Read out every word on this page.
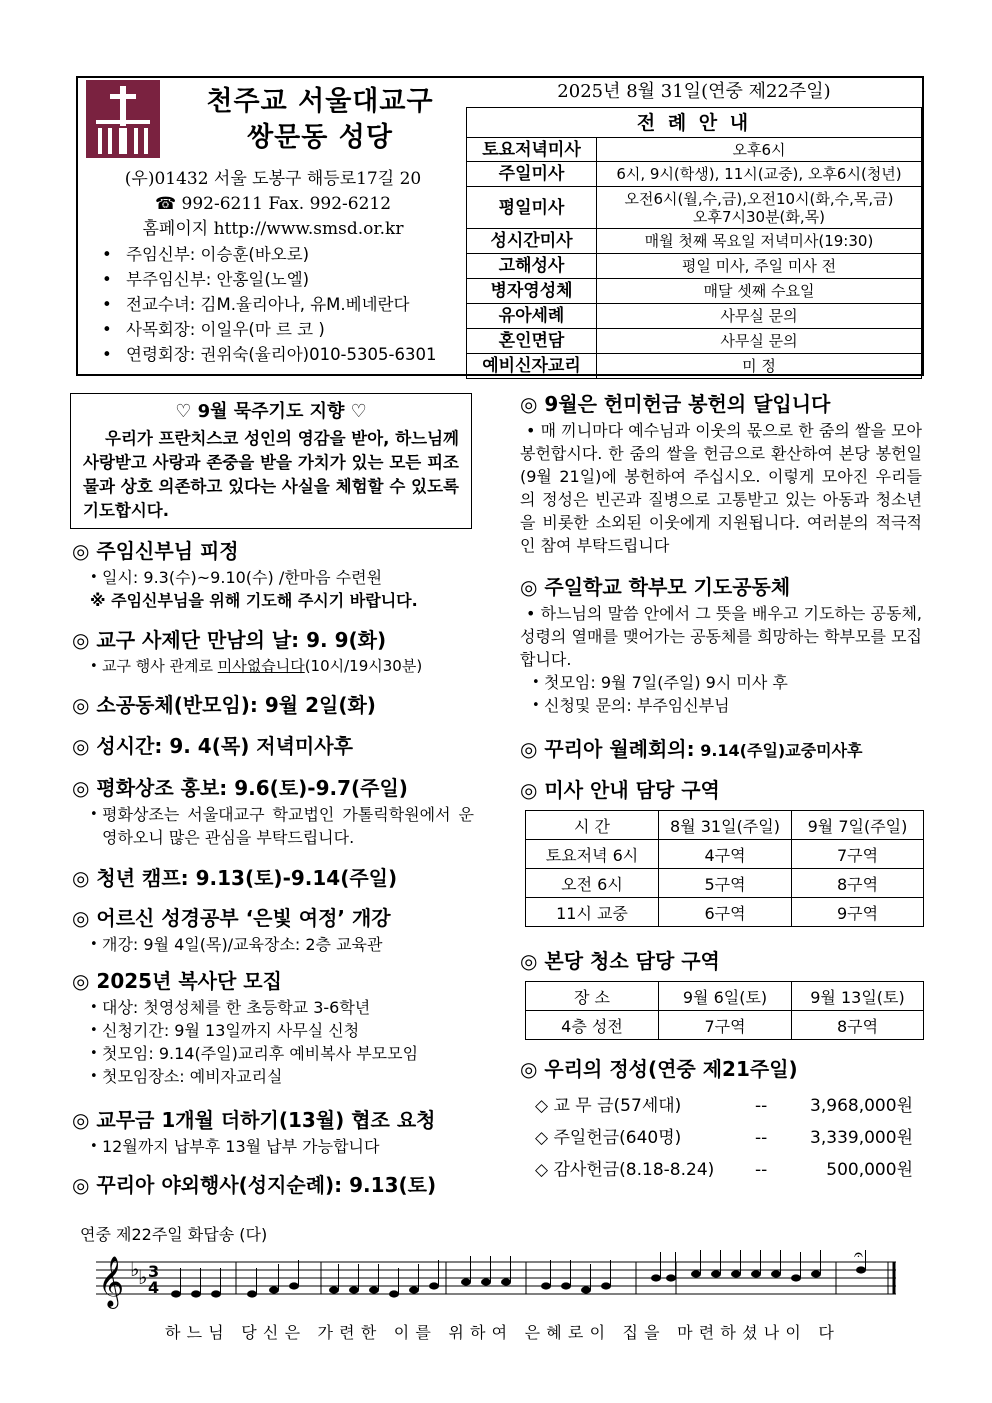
천주교 서울대교구
쌍문동 성당
(우)01432 서울 도봉구 해등로17길 20
☎ 992-6211 Fax. 992-6212
홈페이지 http://www.smsd.or.kr
• 주임신부: 이승훈(바오로)
• 부주임신부: 안홍일(노엘)
• 전교수녀: 김M.율리아나, 유M.베네란다
• 사목회장: 이일우(마 르 코 )
• 연령회장: 권위숙(율리아)010-5305-6301
2025년 8월 31일(연중 제22주일)
전 례 안 내	
토요저녁미사	오후6시
주일미사	6시, 9시(학생), 11시(교중), 오후6시(청년)
평일미사	오전6시(월,수,금),오전10시(화,수,목,금)
오후7시30분(화,목)

성시간미사	매월 첫째 목요일 저녁미사(19:30)
고해성사	평일 미사, 주일 미사 전
병자영성체	매달 셋째 수요일
유아세례	사무실 문의
혼인면담	사무실 문의
예비신자교리	미 정
♡ 9월 묵주기도 지향 ♡
우리가 프란치스코 성인의 영감을 받아, 하느님께 사랑받고 사랑과 존중을 받을 가치가 있는 모든 피조물과 상호 의존하고 있다는 사실을 체험할 수 있도록 기도합시다.
◎ 주임신부님 피정
• 일시: 9.3(수)~9.10(수) /한마음 수련원
※ 주임신부님을 위해 기도해 주시기 바랍니다.
◎ 교구 사제단 만남의 날: 9. 9(화)
• 교구 행사 관계로 미사없습니다(10시/19시30분)
◎ 소공동체(반모임): 9월 2일(화)
◎ 성시간: 9. 4(목) 저녁미사후
◎ 평화상조 홍보: 9.6(토)-9.7(주일)
• 평화상조는 서울대교구 학교법인 가톨릭학원에서 운영하오니 많은 관심을 부탁드립니다.
◎ 청년 캠프: 9.13(토)-9.14(주일)
◎ 어르신 성경공부 ‘은빛 여정’ 개강
• 개강: 9월 4일(목)/교육장소: 2층 교육관
◎ 2025년 복사단 모집
• 대상: 첫영성체를 한 초등학교 3-6학년
• 신청기간: 9월 13일까지 사무실 신청
• 첫모임: 9.14(주일)교리후 예비복사 부모모임
• 첫모임장소: 예비자교리실
◎ 교무금 1개월 더하기(13월) 협조 요청
• 12월까지 납부후 13월 납부 가능합니다
◎ 꾸리아 야외행사(성지순례): 9.13(토)
◎ 9월은 헌미헌금 봉헌의 달입니다
• 매 끼니마다 예수님과 이웃의 몫으로 한 줌의 쌀을 모아 봉헌합시다. 한 줌의 쌀을 헌금으로 환산하여 본당 봉헌일(9월 21일)에 봉헌하여 주십시오. 이렇게 모아진 우리들의 정성은 빈곤과 질병으로 고통받고 있는 아동과 청소년을 비롯한 소외된 이웃에게 지원됩니다. 여러분의 적극적인 참여 부탁드립니다
◎ 주일학교 학부모 기도공동체
• 하느님의 말씀 안에서 그 뜻을 배우고 기도하는 공동체, 성령의 열매를 맺어가는 공동체를 희망하는 학부모를 모집합니다.
• 첫모임: 9월 7일(주일) 9시 미사 후
• 신청및 문의: 부주임신부님
◎ 꾸리아 월례회의: 9.14(주일)교중미사후
◎ 미사 안내 담당 구역
시 간	8월 31일(주일)	9월 7일(주일)
토요저녁 6시	4구역	7구역
오전 6시	5구역	8구역
11시 교중	6구역	9구역
◎ 본당 청소 담당 구역
장 소	9월 6일(토)	9월 13일(토)
4층 성전	7구역	8구역
◎ 우리의 정성(연중 제21주일)
◇ 교 무 금(57세대)	--	3,968,000원
◇ 주일헌금(640명)	--	3,339,000원
◇ 감사헌금(8.18-8.24)	--	500,000원
연중 제22주일 화답송 (다)
𝄞 ♭
♭ 3
4
𝄐
하느님 당신은 가련한 이를 위하여 은혜로이 집을 마련하셨나이 다
